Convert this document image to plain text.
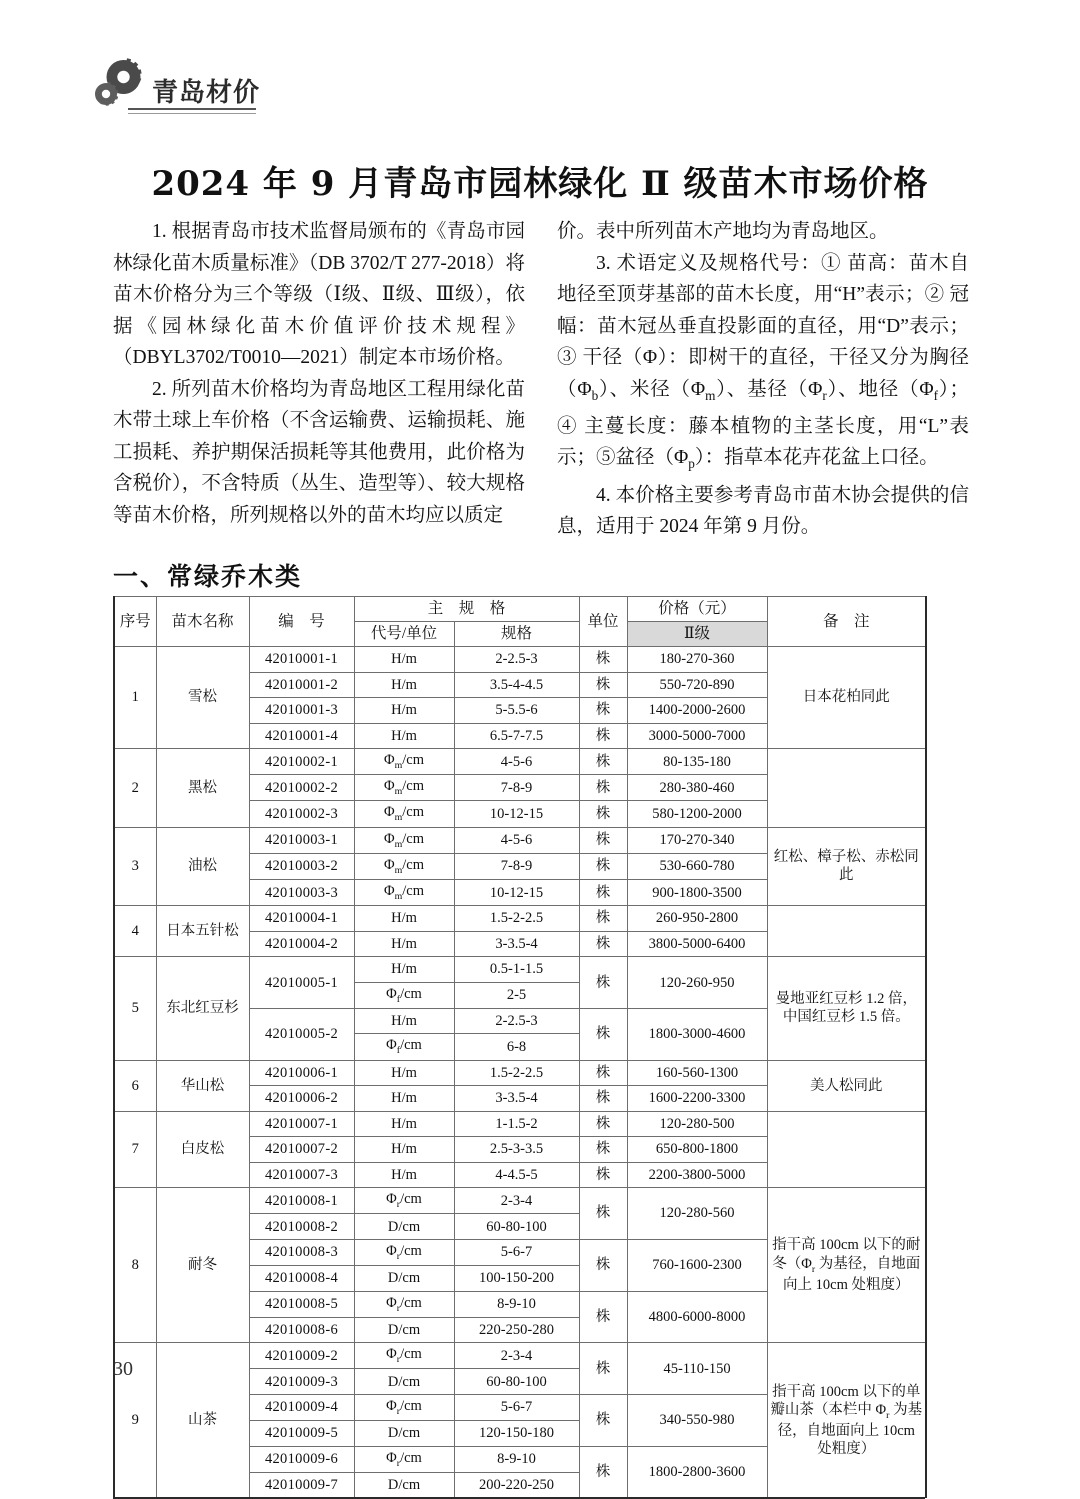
青岛材价
2024 年 9 月青岛市园林绿化 Ⅱ 级苗木市场价格

1. 根据青岛市技术监督局颁布的《青岛市园林绿化苗木质量标准》（DB 3702/T 277-2018）将苗木价格分为三个等级（Ⅰ级、Ⅱ级、Ⅲ级），依据《园林绿化苗木价值评价技术规程》（DBYL3702/T0010—2021）制定本市场价格。

2. 所列苗木价格均为青岛地区工程用绿化苗木带土球上车价格（不含运输费、运输损耗、施工损耗、养护期保活损耗等其他费用，此价格为含税价），不含特质（丛生、造型等）、较大规格等苗木价格，所列规格以外的苗木均应以质定

价。表中所列苗木产地均为青岛地区。

3. 术语定义及规格代号：① 苗高：苗木自地径至顶芽基部的苗木长度，用“H”表示；② 冠幅：苗木冠丛垂直投影面的直径，用“D”表示；③ 干径（Φ）：即树干的直径，干径又分为胸径$(\Phi_b)$、米径$(\Phi_m)$、基径$(\Phi_r)$、地径$(\Phi_f)$；④ 主蔓长度：藤本植物的主茎长度，用“L”表示；⑤盆径$(\Phi_p)$：指草本花卉花盆上口径。

4. 本价格主要参考青岛市苗木协会提供的信息，适用于 2024 年第 9 月份。

一、常绿乔木类
序号	苗木名称	编　号	主　规　格		单位	价格（元）	备　注
			代号/单位	规格		Ⅱ级	
1	雪松	42010001-1	H/m	2-2.5-3	株	180-270-360	日本花柏同此
		42010001-2	H/m	3.5-4-4.5	株	550-720-890	
		42010001-3	H/m	5-5.5-6	株	1400-2000-2600	
		42010001-4	H/m	6.5-7-7.5	株	3000-5000-7000	
2	黑松	42010002-1	$\Phi_m/cm$	4-5-6	株	80-135-180	
		42010002-2	$\Phi_m/cm$	7-8-9	株	280-380-460	
		42010002-3	$\Phi_m/cm$	10-12-15	株	580-1200-2000	
3	油松	42010003-1	$\Phi_m/cm$	4-5-6	株	170-270-340	红松、樟子松、赤松同此
		42010003-2	$\Phi_m/cm$	7-8-9	株	530-660-780	
		42010003-3	$\Phi_m/cm$	10-12-15	株	900-1800-3500	
4	日本五针松	42010004-1	H/m	1.5-2-2.5	株	260-950-2800	
		42010004-2	H/m	3-3.5-4	株	3800-5000-6400	
5	东北红豆杉	42010005-1	H/m	0.5-1-1.5	株	120-260-950	曼地亚红豆杉 1.2 倍，中国红豆杉 1.5 倍。
			$\Phi_f/cm$	2-5			
		42010005-2	H/m	2-2.5-3	株	1800-3000-4600	
			$\Phi_f/cm$	6-8			
6	华山松	42010006-1	H/m	1.5-2-2.5	株	160-560-1300	美人松同此
		42010006-2	H/m	3-3.5-4	株	1600-2200-3300	
7	白皮松	42010007-1	H/m	1-1.5-2	株	120-280-500	
		42010007-2	H/m	2.5-3-3.5	株	650-800-1800	
		42010007-3	H/m	4-4.5-5	株	2200-3800-5000	
8	耐冬	42010008-1	$\Phi_r/cm$	2-3-4	株	120-280-560	指干高 100cm 以下的耐冬（$\Phi_r$ 为基径，自地面向上 10cm 处粗度）
		42010008-2	D/cm	60-80-100			
		42010008-3	$\Phi_r/cm$	5-6-7	株	760-1600-2300	
		42010008-4	D/cm	100-150-200			
		42010008-5	$\Phi_r/cm$	8-9-10	株	4800-6000-8000	
		42010008-6	D/cm	220-250-280			
9	山茶	42010009-2	$\Phi_r/cm$	2-3-4	株	45-110-150	指干高 100cm 以下的单瓣山茶（本栏中 $\Phi_r$ 为基径，自地面向上 10cm 处粗度）
		42010009-3	D/cm	60-80-100			
		42010009-4	$\Phi_r/cm$	5-6-7	株	340-550-980	
		42010009-5	D/cm	120-150-180			
		42010009-6	$\Phi_r/cm$	8-9-10	株	1800-2800-3600	
		42010009-7	D/cm	200-220-250			
30
